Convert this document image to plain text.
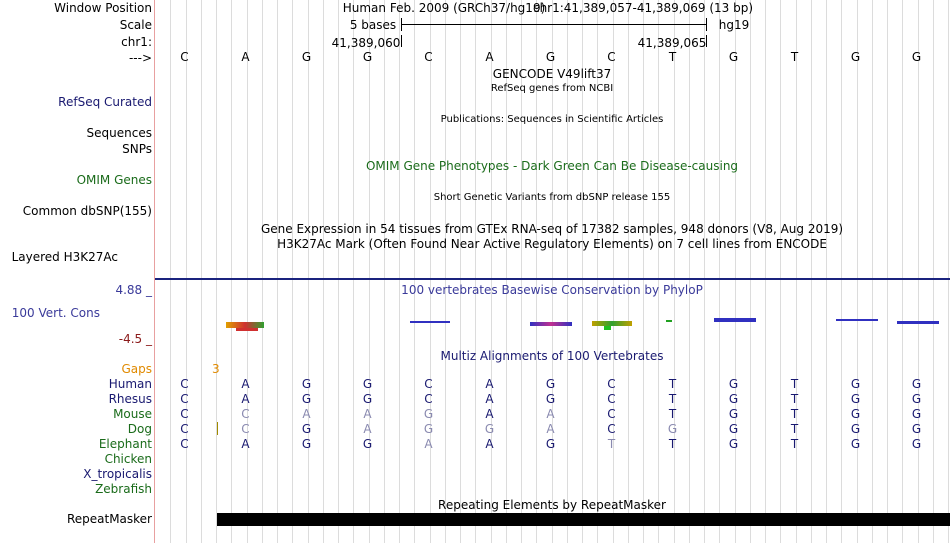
Window Position
Scale
chr1:
--->
RefSeq Curated
Sequences
SNPs
OMIM Genes
Common dbSNP(155)
Layered H3K27Ac
4.88 _
100 Vert. Cons
-4.5 _
Gaps
RepeatMasker
Human Feb. 2009 (GRCh37/hg19)
chr1:41,389,057-41,389,069 (13 bp)
5 bases	hg19
41,389,060	41,389,065
C	A	G	G	C	A	G	C	T	G	T	G	G
GENCODE V49lift37
RefSeq genes from NCBI
Publications: Sequences in Scientific Articles
OMIM Gene Phenotypes - Dark Green Can Be Disease-causing
Short Genetic Variants from dbSNP release 155
Gene Expression in 54 tissues from GTEx RNA-seq of 17382 samples, 948 donors (V8, Aug 2019)
H3K27Ac Mark (Often Found Near Active Regulatory Elements) on 7 cell lines from ENCODE
100 vertebrates Basewise Conservation by PhyloP
Multiz Alignments of 100 Vertebrates
3
Human C	A	G	G	C	A	G	C	T	G	T	G	G
Rhesus C	A	G	G	C	A	G	C	T	G	T	G	G
Mouse C	C	A	A	G	A	A	C	T	G	T	G	G
Dog C	C	G	A	G	G	A	C	G	G	T	G	G
Elephant C	A	G	G	A	A	G	T	T	G	T	G	G
Chicken
X_tropicalis
Zebrafish
Repeating Elements by RepeatMasker
